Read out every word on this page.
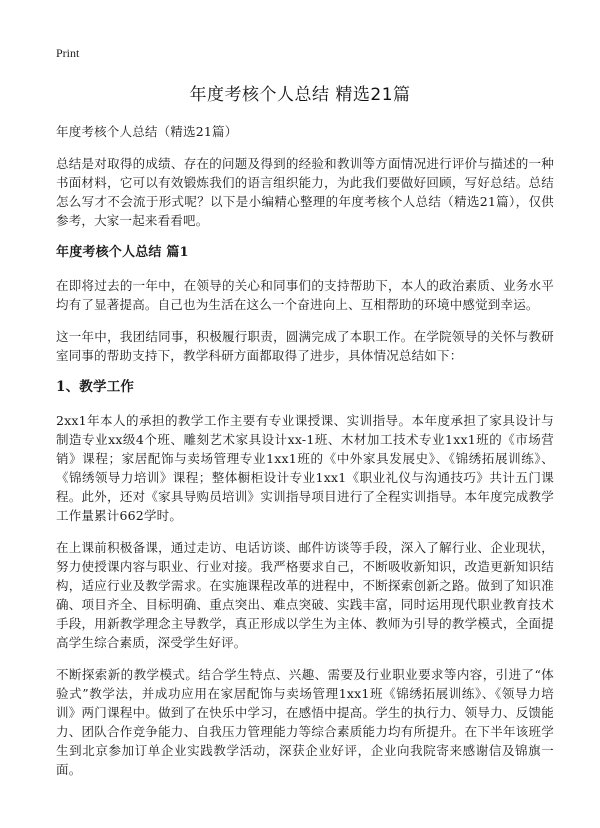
Print
年度考核个人总结 精选21篇

年度考核个人总结（精选21篇）

总结是对取得的成绩、存在的问题及得到的经验和教训等方面情况进行评价与描述的一种书面材料，它可以有效锻炼我们的语言组织能力，为此我们要做好回顾，写好总结。总结怎么写才不会流于形式呢？以下是小编精心整理的年度考核个人总结（精选21篇），仅供参考，大家一起来看看吧。

年度考核个人总结 篇1

在即将过去的一年中，在领导的关心和同事们的支持帮助下，本人的政治素质、业务水平均有了显著提高。自己也为生活在这么一个奋进向上、互相帮助的环境中感觉到幸运。

这一年中，我团结同事，积极履行职责，圆满完成了本职工作。在学院领导的关怀与教研室同事的帮助支持下，教学科研方面都取得了进步，具体情况总结如下：

1、教学工作

2xx1年本人的承担的教学工作主要有专业课授课、实训指导。本年度承担了家具设计与制造专业xx级4个班、雕刻艺术家具设计xx-1班、木材加工技术专业1xx1班的《市场营销》课程；家居配饰与卖场管理专业1xx1班的《中外家具发展史》、《锦绣拓展训练》、《锦绣领导力培训》课程；整体橱柜设计专业1xx1《职业礼仪与沟通技巧》共计五门课程。此外，还对《家具导购员培训》实训指导项目进行了全程实训指导。本年度完成教学工作量累计662学时。

在上课前积极备课，通过走访、电话访谈、邮件访谈等手段，深入了解行业、企业现状，努力使授课内容与职业、行业对接。我严格要求自己，不断吸收新知识，改造更新知识结构，适应行业及教学需求。在实施课程改革的进程中，不断探索创新之路。做到了知识准确、项目齐全、目标明确、重点突出、难点突破、实践丰富，同时运用现代职业教育技术手段，用新教学理念主导教学，真正形成以学生为主体、教师为引导的教学模式，全面提高学生综合素质，深受学生好评。

不断探索新的教学模式。结合学生特点、兴趣、需要及行业职业要求等内容，引进了“体验式”教学法，并成功应用在家居配饰与卖场管理1xx1班《锦绣拓展训练》、《领导力培训》两门课程中。做到了在快乐中学习，在感悟中提高。学生的执行力、领导力、反馈能力、团队合作竞争能力、自我压力管理能力等综合素质能力均有所提升。在下半年该班学生到北京参加订单企业实践教学活动，深获企业好评，企业向我院寄来感谢信及锦旗一面。
